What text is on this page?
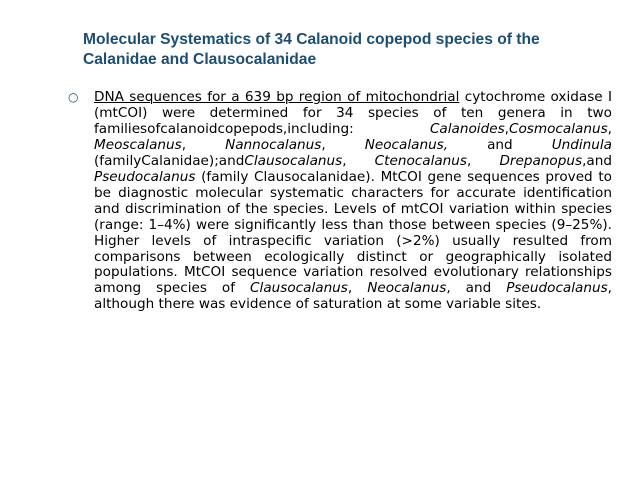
Molecular Systematics of 34 Calanoid copepod species of the Calanidae and Clausocalanidae
○ DNA sequences for a 639 bp region of mitochondrial cytochrome oxidase I (mtCOI) were determined for 34 species of ten genera in two familiesofcalanoidcopepods,including: Calanoides,Cosmocalanus, Meoscalanus, Nannocalanus, Neocalanus, and Undinula (familyCalanidae);andClausocalanus, Ctenocalanus, Drepanopus,and Pseudocalanus (family Clausocalanidae). MtCOI gene sequences proved to be diagnostic molecular systematic characters for accurate identification and discrimination of the species. Levels of mtCOI variation within species (range: 1–4%) were significantly less than those between species (9–25%). Higher levels of intraspecific variation (>2%) usually resulted from comparisons between ecologically distinct or geographically isolated populations. MtCOI sequence variation resolved evolutionary relationships among species of Clausocalanus, Neocalanus, and Pseudocalanus, although there was evidence of saturation at some variable sites.
